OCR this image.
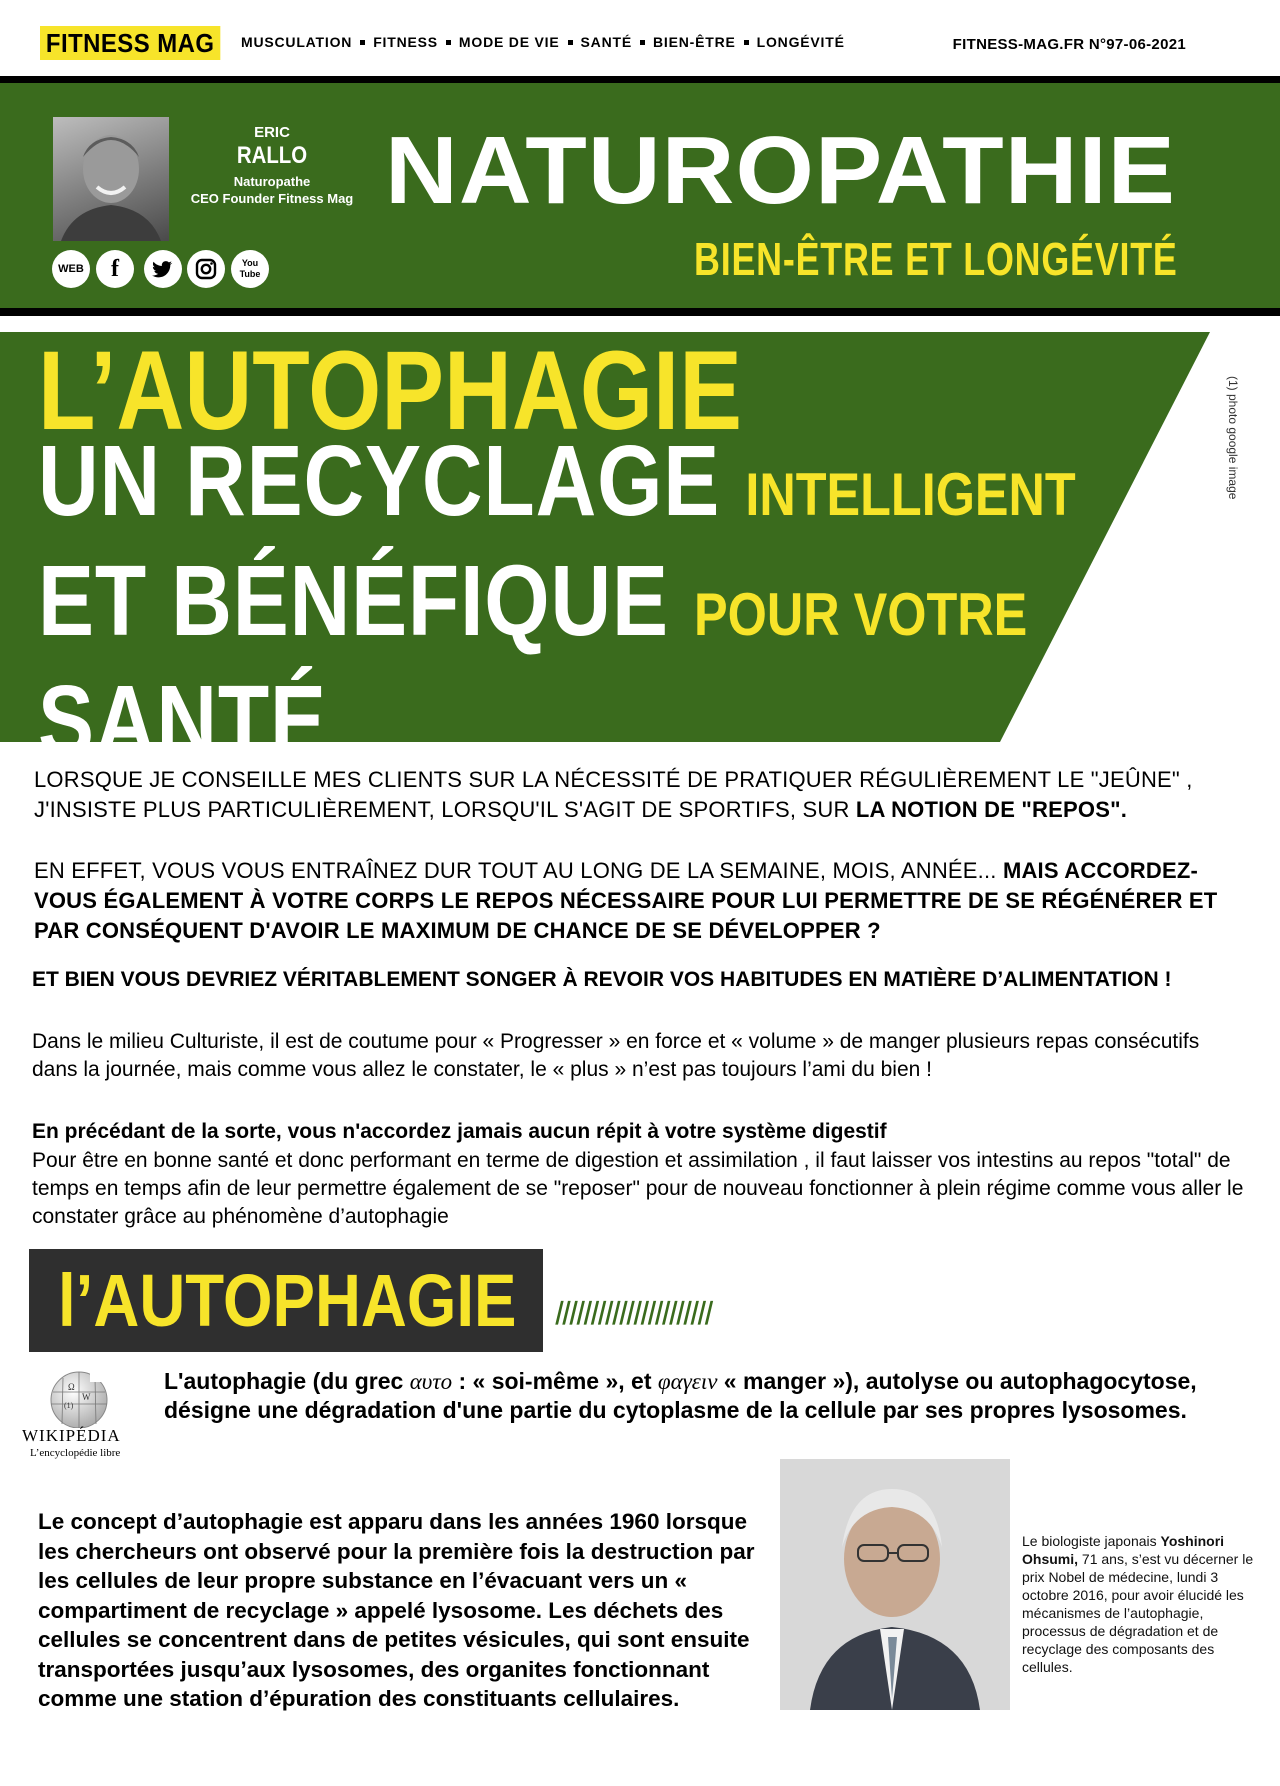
FITNESS MAG	MUSCULATION FITNESS MODE DE VIE SANTÉ BIEN-ÊTRE LONGÉVITÉ	FITNESS-MAG.FR N°97-06-2021
ERIC
RALLO
Naturopathe
CEO Founder Fitness Mag
WEB	f	You Tube
NATUROPATHIE
BIEN-ÊTRE ET LONGÉVITÉ
L’AUTOPHAGIE
UN RECYCLAGE INTELLIGENT
ET BÉNÉFIQUE POUR VOTRE
SANTÉ
(1) photo google image
LORSQUE JE CONSEILLE MES CLIENTS SUR LA NÉCESSITÉ DE PRATIQUER RÉGULIÈREMENT LE "JEÛNE" , J'INSISTE PLUS PARTICULIÈREMENT, LORSQU'IL S'AGIT DE SPORTIFS, SUR LA NOTION DE "REPOS".
EN EFFET, VOUS VOUS ENTRAÎNEZ DUR TOUT AU LONG DE LA SEMAINE, MOIS, ANNÉE... MAIS ACCORDEZ-VOUS ÉGALEMENT À VOTRE CORPS LE REPOS NÉCESSAIRE POUR LUI PERMETTRE DE SE RÉGÉNÉRER ET PAR CONSÉQUENT D'AVOIR LE MAXIMUM DE CHANCE DE SE DÉVELOPPER ?
ET BIEN VOUS DEVRIEZ VÉRITABLEMENT SONGER À REVOIR VOS HABITUDES EN MATIÈRE D’ALIMENTATION !
Dans le milieu Culturiste, il est de coutume pour « Progresser » en force et « volume » de manger plusieurs repas consécutifs dans la journée, mais comme vous allez le constater, le « plus » n’est pas toujours l’ami du bien !
En précédant de la sorte, vous n'accordez jamais aucun répit à votre système digestif
Pour être en bonne santé et donc performant en terme de digestion et assimilation , il faut laisser vos intestins au repos "total" de temps en temps afin de leur permettre également de se "reposer" pour de nouveau fonctionner à plein régime comme vous aller le constater grâce au phénomène d’autophagie
l’AUTOPHAGIE //////////////////////
Ω
W
(1)
WIKIPÉDIA
L’encyclopédie libre
L'autophagie (du grec αυτο : « soi-même », et φαγειν « manger »), autolyse ou autophagocytose, désigne une dégradation d'une partie du cytoplasme de la cellule par ses propres lysosomes.
Le concept d’autophagie est apparu dans les années 1960 lorsque les chercheurs ont observé pour la première fois la destruction par les cellules de leur propre substance en l’évacuant vers un « compartiment de recyclage » appelé lysosome. Les déchets des cellules se concentrent dans de petites vésicules, qui sont ensuite transportées jusqu’aux lysosomes, des organites fonctionnant comme une station d’épuration des constituants cellulaires.
Le biologiste japonais Yoshinori Ohsumi, 71 ans, s’est vu décerner le prix Nobel de médecine, lundi 3 octobre 2016, pour avoir élucidé les mécanismes de l’autophagie, processus de dégradation et de recyclage des composants des cellules.
